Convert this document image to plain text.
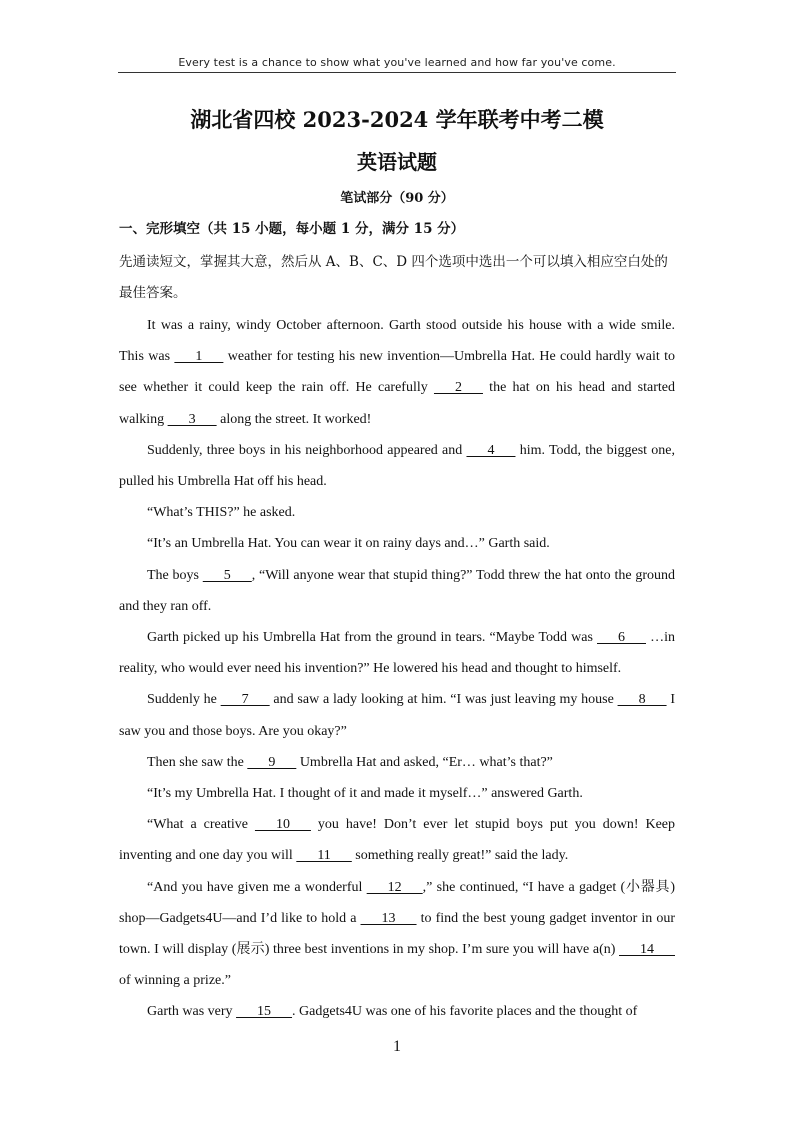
Every test is a chance to show what you've learned and how far you've come.
湖北省四校 2023-2024 学年联考中考二模
英语试题
笔试部分（90 分）
一、完形填空（共 15 小题，每小题 1 分，满分 15 分）
先通读短文，掌握其大意，然后从 A、B、C、D 四个选项中选出一个可以填入相应空白处的最佳答案。

It was a rainy, windy October afternoon. Garth stood outside his house with a wide smile. This was    1    weather for testing his new invention—Umbrella Hat. He could hardly wait to see whether it could keep the rain off. He carefully    2    the hat on his head and started walking    3    along the street. It worked!

Suddenly, three boys in his neighborhood appeared and    4    him. Todd, the biggest one, pulled his Umbrella Hat off his head.

“What’s THIS?” he asked.

“It’s an Umbrella Hat. You can wear it on rainy days and…” Garth said.

The boys    5   , “Will anyone wear that stupid thing?” Todd threw the hat onto the ground and they ran off.

Garth picked up his Umbrella Hat from the ground in tears. “Maybe Todd was    6    …in reality, who would ever need his invention?” He lowered his head and thought to himself.

Suddenly he    7    and saw a lady looking at him. “I was just leaving my house    8    I saw you and those boys. Are you okay?”

Then she saw the    9    Umbrella Hat and asked, “Er… what’s that?”

“It’s my Umbrella Hat. I thought of it and made it myself…” answered Garth.

“What a creative    10    you have! Don’t ever let stupid boys put you down! Keep inventing and one day you will    11    something really great!” said the lady.

“And you have given me a wonderful    12   ,” she continued, “I have a gadget (小器具) shop—Gadgets4U—and I’d like to hold a    13    to find the best young gadget inventor in our town. I will display (展示) three best inventions in my shop. I’m sure you will have a(n)    14    of winning a prize.”

Garth was very    15   . Gadgets4U was one of his favorite places and the thought of

1
